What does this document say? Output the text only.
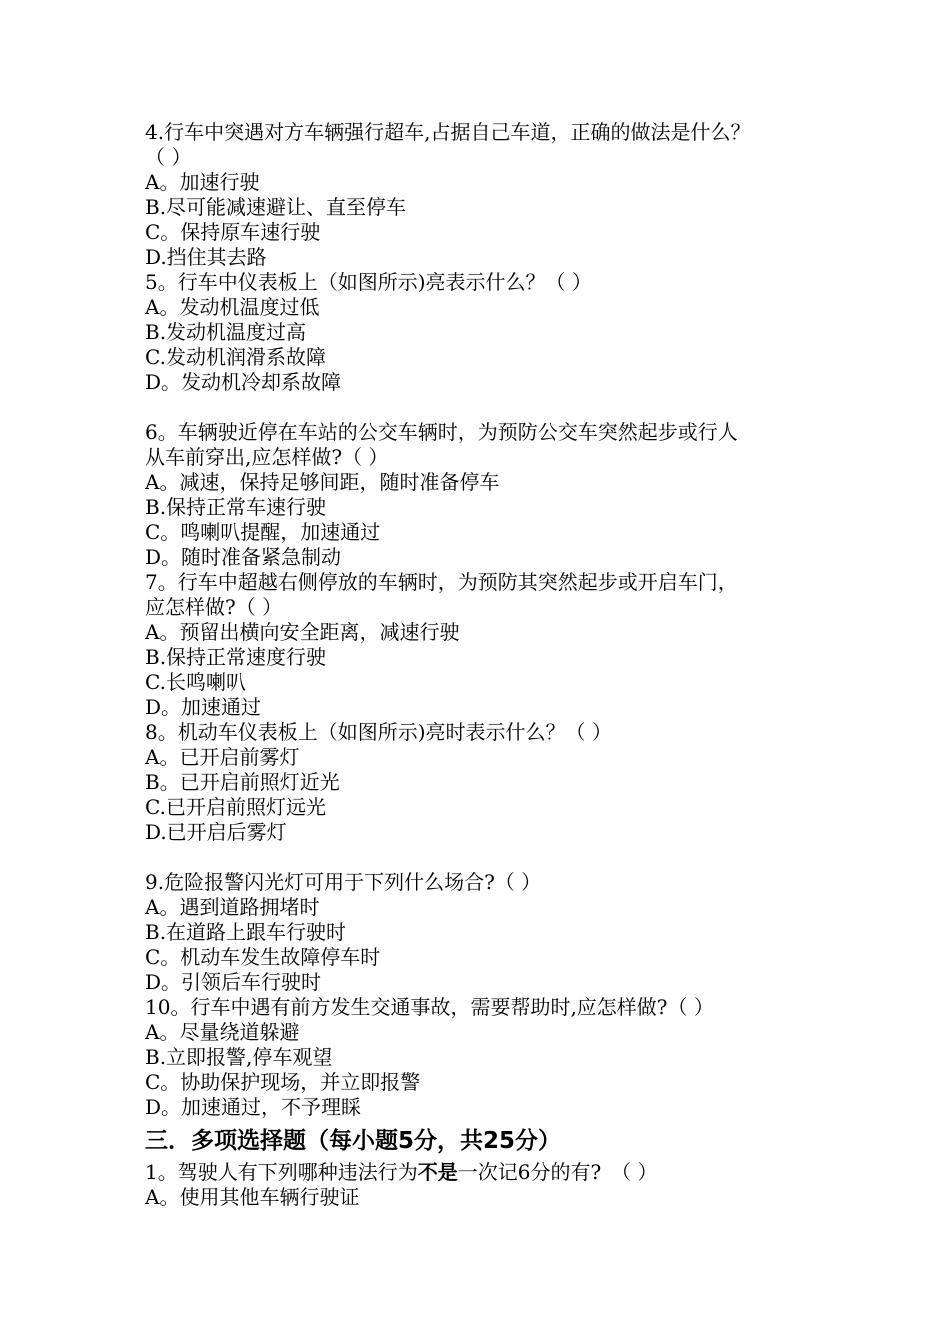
4.行车中突遇对方车辆强行超车,占据自己车道，正确的做法是什么？
（ ）
A。加速行驶
B.尽可能减速避让、直至停车
C。保持原车速行驶
D.挡住其去路
5。行车中仪表板上（如图所示)亮表示什么？（ ）
A。发动机温度过低
B.发动机温度过高
C.发动机润滑系故障
D。发动机冷却系故障
6。车辆驶近停在车站的公交车辆时，为预防公交车突然起步或行人
从车前穿出,应怎样做?（ ）
A。减速，保持足够间距，随时准备停车
B.保持正常车速行驶
C。鸣喇叭提醒，加速通过
D。随时准备紧急制动
7。行车中超越右侧停放的车辆时，为预防其突然起步或开启车门，
应怎样做?（ ）
A。预留出横向安全距离，减速行驶
B.保持正常速度行驶
C.长鸣喇叭
D。加速通过
8。机动车仪表板上（如图所示)亮时表示什么？（ ）
A。已开启前雾灯
B。已开启前照灯近光
C.已开启前照灯远光
D.已开启后雾灯
9.危险报警闪光灯可用于下列什么场合?（ ）
A。遇到道路拥堵时
B.在道路上跟车行驶时
C。机动车发生故障停车时
D。引领后车行驶时
10。行车中遇有前方发生交通事故，需要帮助时,应怎样做?（ ）
A。尽量绕道躲避
B.立即报警,停车观望
C。协助保护现场，并立即报警
D。加速通过，不予理睬
三．多项选择题（每小题5分，共25分）
1。驾驶人有下列哪种违法行为不是一次记6分的有?　（ ）
A。使用其他车辆行驶证
